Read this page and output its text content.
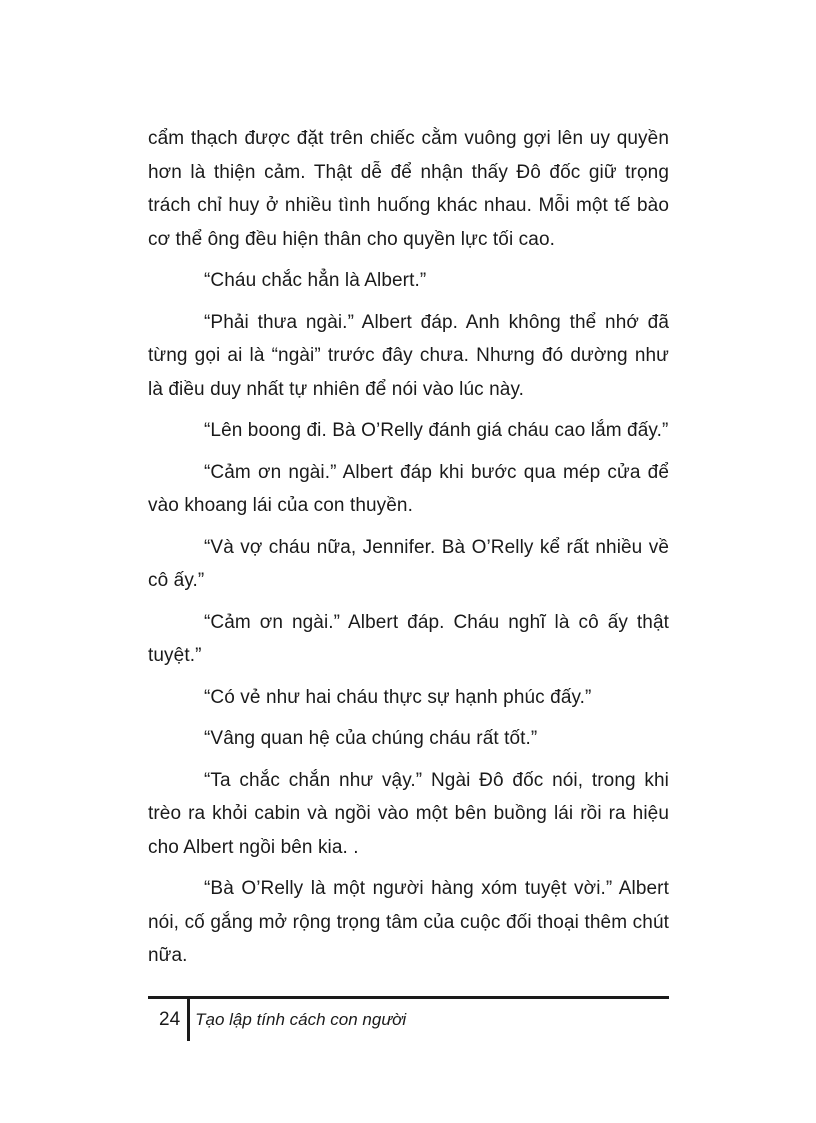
cẩm thạch được đặt trên chiếc cằm vuông gợi lên uy quyền hơn là thiện cảm. Thật dễ để nhận thấy Đô đốc giữ trọng trách chỉ huy ở nhiều tình huống khác nhau. Mỗi một tế bào cơ thể ông đều hiện thân cho quyền lực tối cao.

“Cháu chắc hẳn là Albert.”

“Phải thưa ngài.” Albert đáp. Anh không thể nhớ đã từng gọi ai là “ngài” trước đây chưa. Nhưng đó dường như là điều duy nhất tự nhiên để nói vào lúc này.

“Lên boong đi. Bà O’Relly đánh giá cháu cao lắm đấy.”

“Cảm ơn ngài.” Albert đáp khi bước qua mép cửa để vào khoang lái của con thuyền.

“Và vợ cháu nữa, Jennifer. Bà O’Relly kể rất nhiều về cô ấy.”

“Cảm ơn ngài.” Albert đáp. Cháu nghĩ là cô ấy thật tuyệt.”

“Có vẻ như hai cháu thực sự hạnh phúc đấy.”

“Vâng quan hệ của chúng cháu rất tốt.”

“Ta chắc chắn như vậy.” Ngài Đô đốc nói, trong khi trèo ra khỏi cabin và ngồi vào một bên buồng lái rồi ra hiệu cho Albert ngồi bên kia. .

“Bà O’Relly là một người hàng xóm tuyệt vời.” Albert nói, cố gắng mở rộng trọng tâm của cuộc đối thoại thêm chút nữa.

24 Tạo lập tính cách con người
